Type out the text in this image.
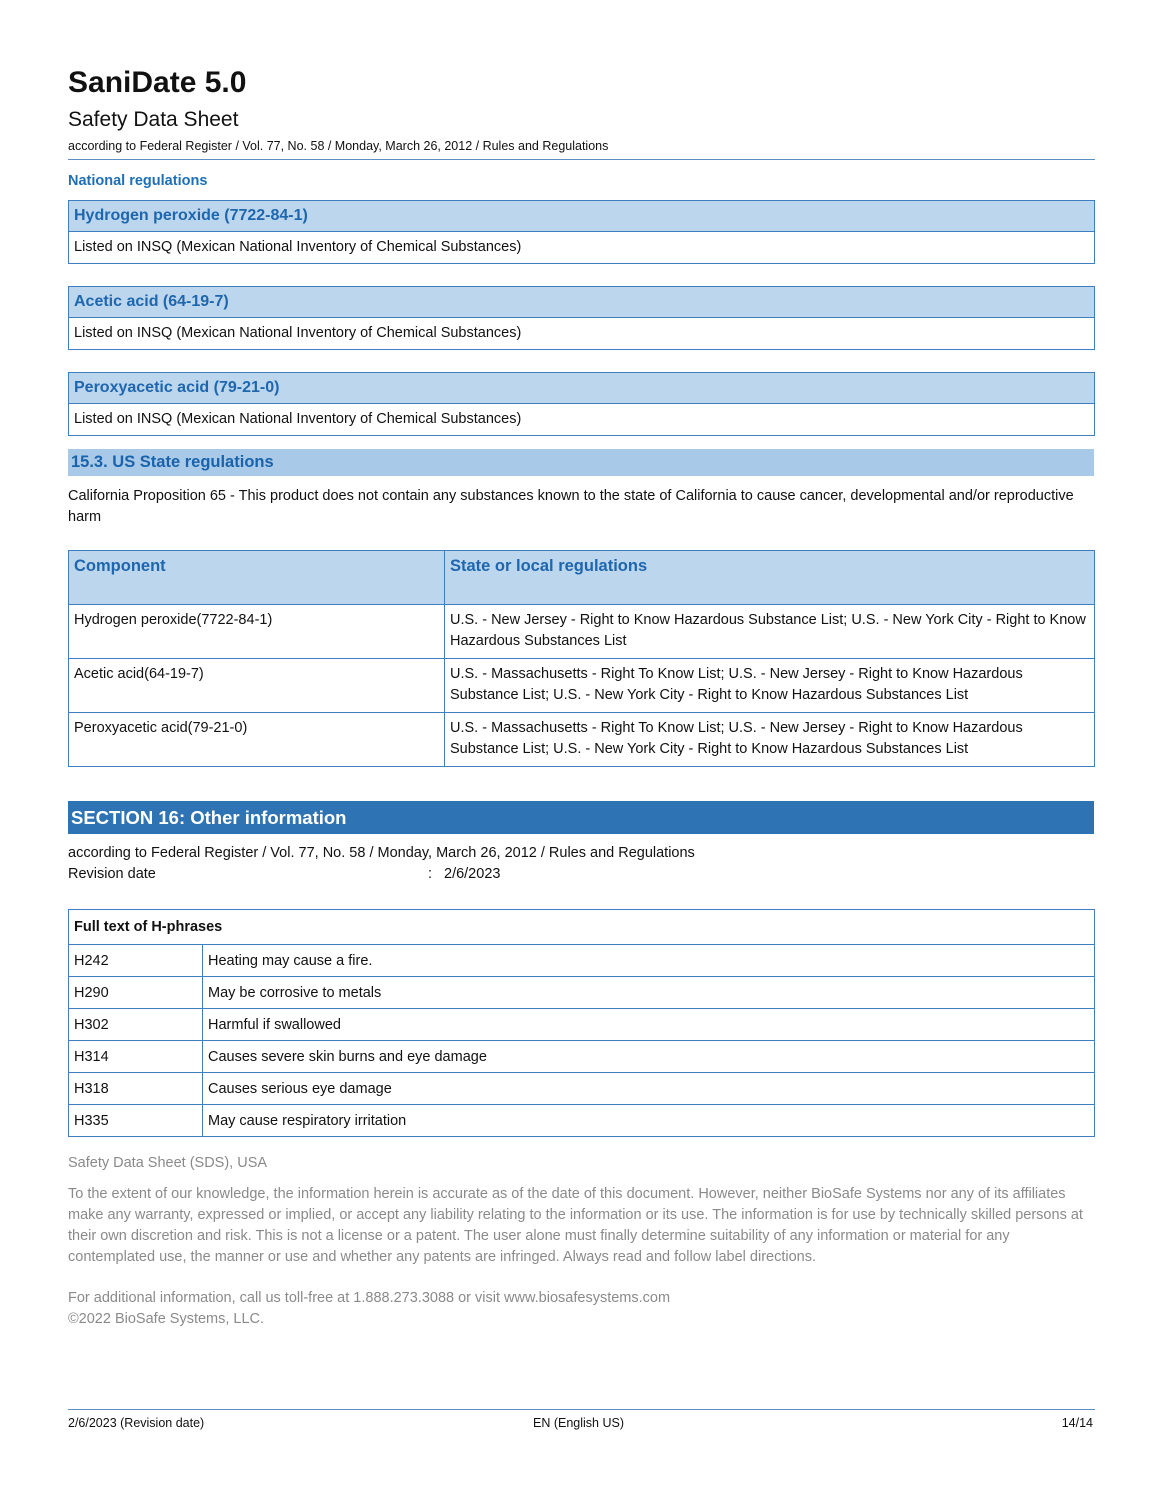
SaniDate 5.0
Safety Data Sheet
according to Federal Register / Vol. 77, No. 58 / Monday, March 26, 2012 / Rules and Regulations
National regulations
Hydrogen peroxide (7722-84-1)
Listed on INSQ (Mexican National Inventory of Chemical Substances)
Acetic acid (64-19-7)
Listed on INSQ (Mexican National Inventory of Chemical Substances)
Peroxyacetic acid (79-21-0)
Listed on INSQ (Mexican National Inventory of Chemical Substances)
15.3. US State regulations
California Proposition 65 - This product does not contain any substances known to the state of California to cause cancer, developmental and/or reproductive harm
Component	State or local regulations
Hydrogen peroxide(7722-84-1)	U.S. - New Jersey - Right to Know Hazardous Substance List; U.S. - New York City - Right to Know Hazardous Substances List
Acetic acid(64-19-7)	U.S. - Massachusetts - Right To Know List; U.S. - New Jersey - Right to Know Hazardous Substance List; U.S. - New York City - Right to Know Hazardous Substances List
Peroxyacetic acid(79-21-0)	U.S. - Massachusetts - Right To Know List; U.S. - New Jersey - Right to Know Hazardous Substance List; U.S. - New York City - Right to Know Hazardous Substances List
SECTION 16: Other information
according to Federal Register / Vol. 77, No. 58 / Monday, March 26, 2012 / Rules and Regulations
Revision date	: 2/6/2023
Full text of H-phrases	
H242	Heating may cause a fire.
H290	May be corrosive to metals
H302	Harmful if swallowed
H314	Causes severe skin burns and eye damage
H318	Causes serious eye damage
H335	May cause respiratory irritation
Safety Data Sheet (SDS), USA
To the extent of our knowledge, the information herein is accurate as of the date of this document. However, neither BioSafe Systems nor any of its affiliates make any warranty, expressed or implied, or accept any liability relating to the information or its use. The information is for use by technically skilled persons at their own discretion and risk. This is not a license or a patent. The user alone must finally determine suitability of any information or material for any contemplated use, the manner or use and whether any patents are infringed. Always read and follow label directions.
For additional information, call us toll-free at 1.888.273.3088 or visit www.biosafesystems.com
©2022 BioSafe Systems, LLC.
2/6/2023 (Revision date)	EN (English US)	14/14
